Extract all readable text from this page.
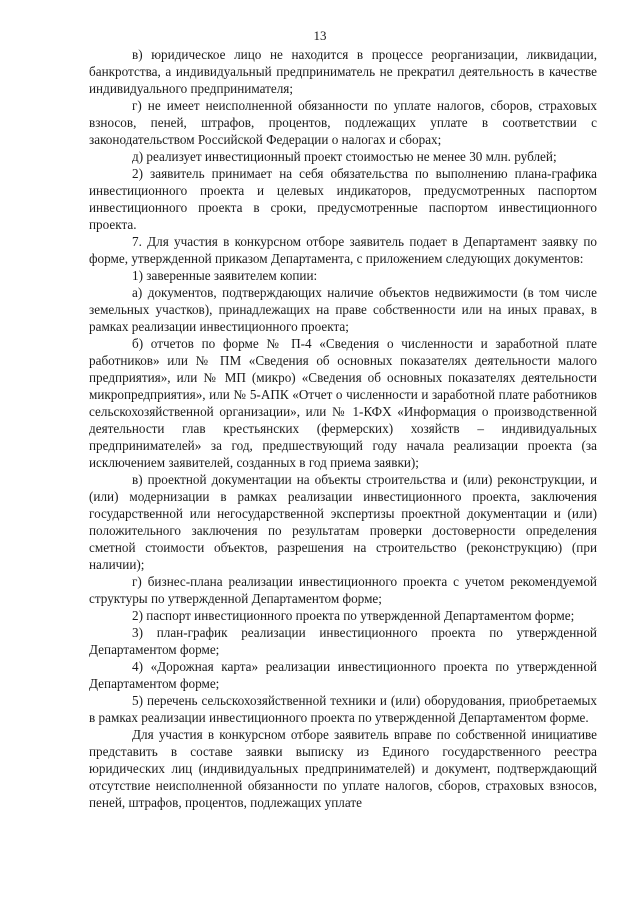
13

в) юридическое лицо не находится в процессе реорганизации, ликвидации, банкротства, а индивидуальный предприниматель не прекратил деятельность в качестве индивидуального предпринимателя;

г) не имеет неисполненной обязанности по уплате налогов, сборов, страховых взносов, пеней, штрафов, процентов, подлежащих уплате в соответствии с законодательством Российской Федерации о налогах и сборах;

д) реализует инвестиционный проект стоимостью не менее 30 млн. рублей;

2) заявитель принимает на себя обязательства по выполнению плана-графика инвестиционного проекта и целевых индикаторов, предусмотренных паспортом инвестиционного проекта в сроки, предусмотренные паспортом инвестиционного проекта.

7. Для участия в конкурсном отборе заявитель подает в Департамент заявку по форме, утвержденной приказом Департамента, с приложением следующих документов:

1) заверенные заявителем копии:

а) документов, подтверждающих наличие объектов недвижимости (в том числе земельных участков), принадлежащих на праве собственности или на иных правах, в рамках реализации инвестиционного проекта;

б) отчетов по форме № П-4 «Сведения о численности и заработной плате работников» или № ПМ «Сведения об основных показателях деятельности малого предприятия», или № МП (микро) «Сведения об основных показателях деятельности микропредприятия», или № 5-АПК «Отчет о численности и заработной плате работников сельскохозяйственной организации», или № 1-КФХ «Информация о производственной деятельности глав крестьянских (фермерских) хозяйств – индивидуальных предпринимателей» за год, предшествующий году начала реализации проекта (за исключением заявителей, созданных в год приема заявки);

в) проектной документации на объекты строительства и (или) реконструкции, и (или) модернизации в рамках реализации инвестиционного проекта, заключения государственной или негосударственной экспертизы проектной документации и (или) положительного заключения по результатам проверки достоверности определения сметной стоимости объектов, разрешения на строительство (реконструкцию) (при наличии);

г) бизнес-плана реализации инвестиционного проекта с учетом рекомендуемой структуры по утвержденной Департаментом форме;

2) паспорт инвестиционного проекта по утвержденной Департаментом форме;

3) план-график реализации инвестиционного проекта по утвержденной Департаментом форме;

4) «Дорожная карта» реализации инвестиционного проекта по утвержденной Департаментом форме;

5) перечень сельскохозяйственной техники и (или) оборудования, приобретаемых в рамках реализации инвестиционного проекта по утвержденной Департаментом форме.

Для участия в конкурсном отборе заявитель вправе по собственной инициативе представить в составе заявки выписку из Единого государственного реестра юридических лиц (индивидуальных предпринимателей) и документ, подтверждающий отсутствие неисполненной обязанности по уплате налогов, сборов, страховых взносов, пеней, штрафов, процентов, подлежащих уплате
